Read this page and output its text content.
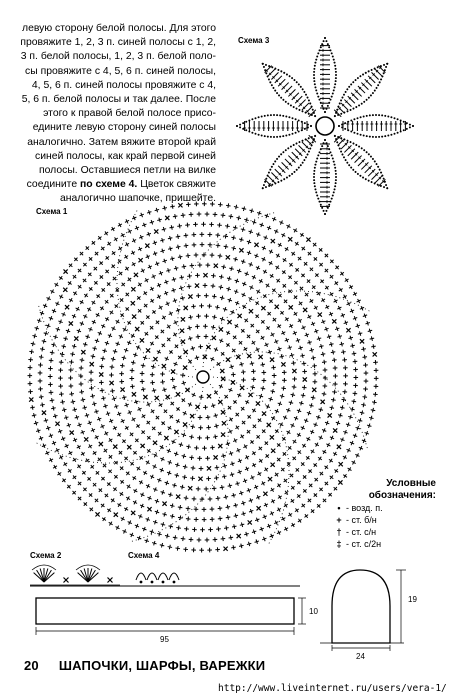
левую сторону белой полосы. Для этого
провяжите 1, 2, 3 п. синей полосы с 1, 2,
3 п. белой полосы, 1, 2, 3 п. белой поло-
сы провяжите с 4, 5, 6 п. синей полосы,
4, 5, 6 п. синей полосы провяжите с 4,
5, 6 п. белой полосы и так далее. После
этого к правой белой полосе присо-
едините левую сторону синей полосы
аналогично. Затем вяжите второй край
синей полосы, как край первой синей
полосы. Оставшиеся петли на вилке
соедините по схеме 4. Цветок свяжите
аналогично шапочке, пришейте.
Схема 3
Схема 1
Схема 2	Схема 4
95
10
24
19
Условные
обозначения:
• - возд. п.
+ - ст. б/н
† - ст. с/н
‡ - ст. с/2н
20 ШАПОЧКИ, ШАРФЫ, ВАРЕЖКИ
http://www.liveinternet.ru/users/vera-1/
